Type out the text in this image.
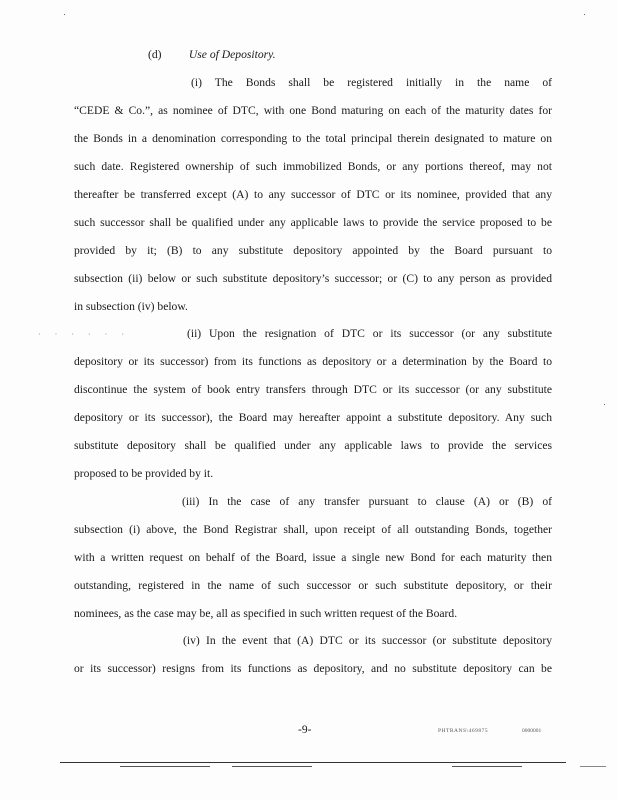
(d) Use of Depository.
(i) The Bonds shall be registered initially in the name of
“CEDE & Co.”, as nominee of DTC, with one Bond maturing on each of the maturity dates for
the Bonds in a denomination corresponding to the total principal therein designated to mature on
such date. Registered ownership of such immobilized Bonds, or any portions thereof, may not
thereafter be transferred except (A) to any successor of DTC or its nominee, provided that any
such successor shall be qualified under any applicable laws to provide the service proposed to be
provided by it; (B) to any substitute depository appointed by the Board pursuant to
subsection (ii) below or such substitute depository’s successor; or (C) to any person as provided
in subsection (iv) below.
· · · · · ·	(ii) Upon the resignation of DTC or its successor (or any substitute
depository or its successor) from its functions as depository or a determination by the Board to
discontinue the system of book entry transfers through DTC or its successor (or any substitute
depository or its successor), the Board may hereafter appoint a substitute depository. Any such
substitute depository shall be qualified under any applicable laws to provide the services
proposed to be provided by it.
(iii) In the case of any transfer pursuant to clause (A) or (B) of
subsection (i) above, the Bond Registrar shall, upon receipt of all outstanding Bonds, together
with a written request on behalf of the Board, issue a single new Bond for each maturity then
outstanding, registered in the name of such successor or such substitute depository, or their
nominees, as the case may be, all as specified in such written request of the Board.
(iv) In the event that (A) DTC or its successor (or substitute depository
or its successor) resigns from its functions as depository, and no substitute depository can be
-9-	PHTRANS\469875	0000001
